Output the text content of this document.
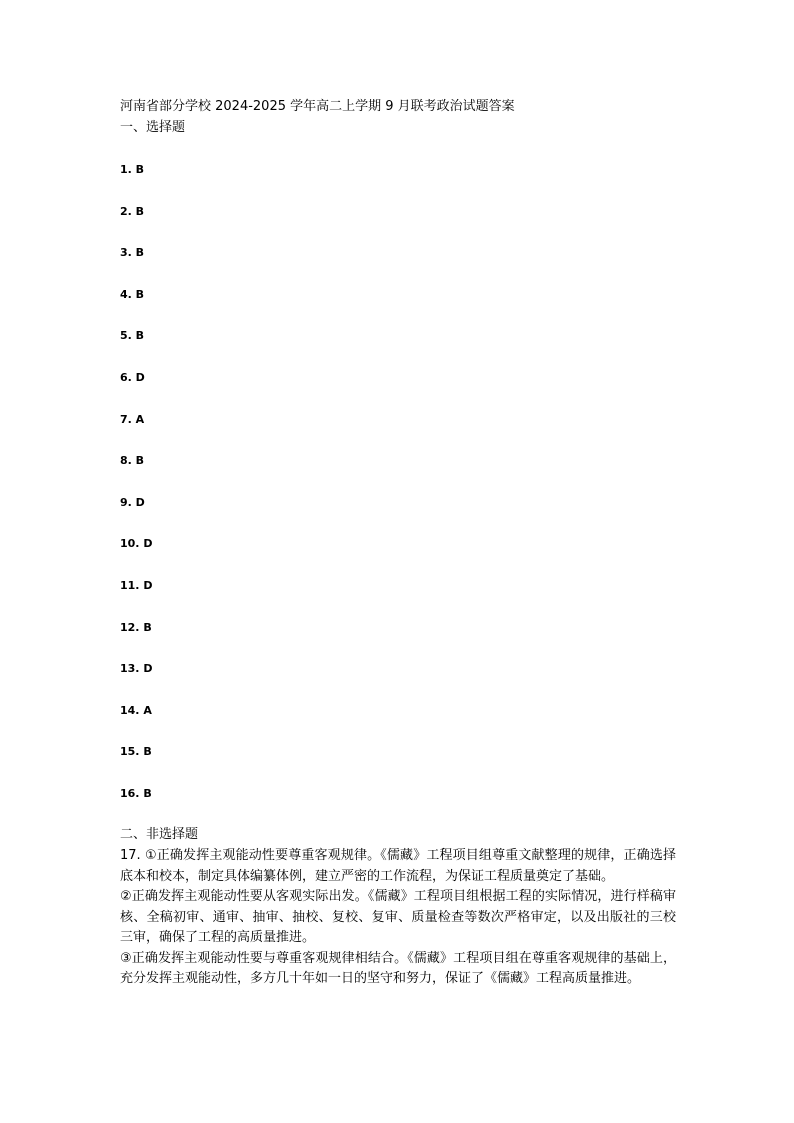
河南省部分学校 2024-2025 学年高二上学期 9 月联考政治试题答案
一、选择题
1. B
2. B
3. B
4. B
5. B
6. D
7. A
8. B
9. D
10. D
11. D
12. B
13. D
14. A
15. B
16. B
二、非选择题

17. ①正确发挥主观能动性要尊重客观规律。《儒藏》工程项目组尊重文献整理的规律，正确选择底本和校本，制定具体编纂体例，建立严密的工作流程，为保证工程质量奠定了基础。

②正确发挥主观能动性要从客观实际出发。《儒藏》工程项目组根据工程的实际情况，进行样稿审核、全稿初审、通审、抽审、抽校、复校、复审、质量检查等数次严格审定，以及出版社的三校三审，确保了工程的高质量推进。

③正确发挥主观能动性要与尊重客观规律相结合。《儒藏》工程项目组在尊重客观规律的基础上，充分发挥主观能动性，多方几十年如一日的坚守和努力，保证了《儒藏》工程高质量推进。
